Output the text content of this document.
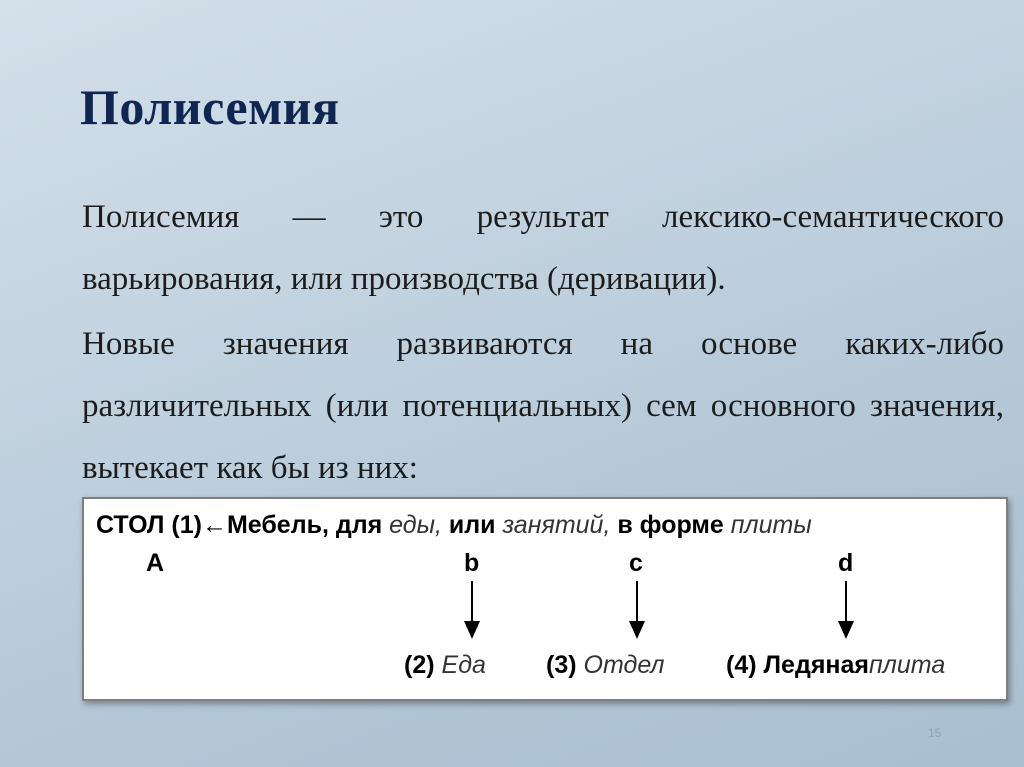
Полисемия

Полисемия — это результат лексико-семантического варьирования, или производства (деривации).

Новые значения развиваются на основе каких-либо различительных (или потенциальных) сем основного значения, вытекает как бы из них:

СТОЛ (1)←Мебель, для еды, или занятий, в форме плиты
A	b	c	d
(2) Еда (3) Отдел (4) Ледянаяплита
15
